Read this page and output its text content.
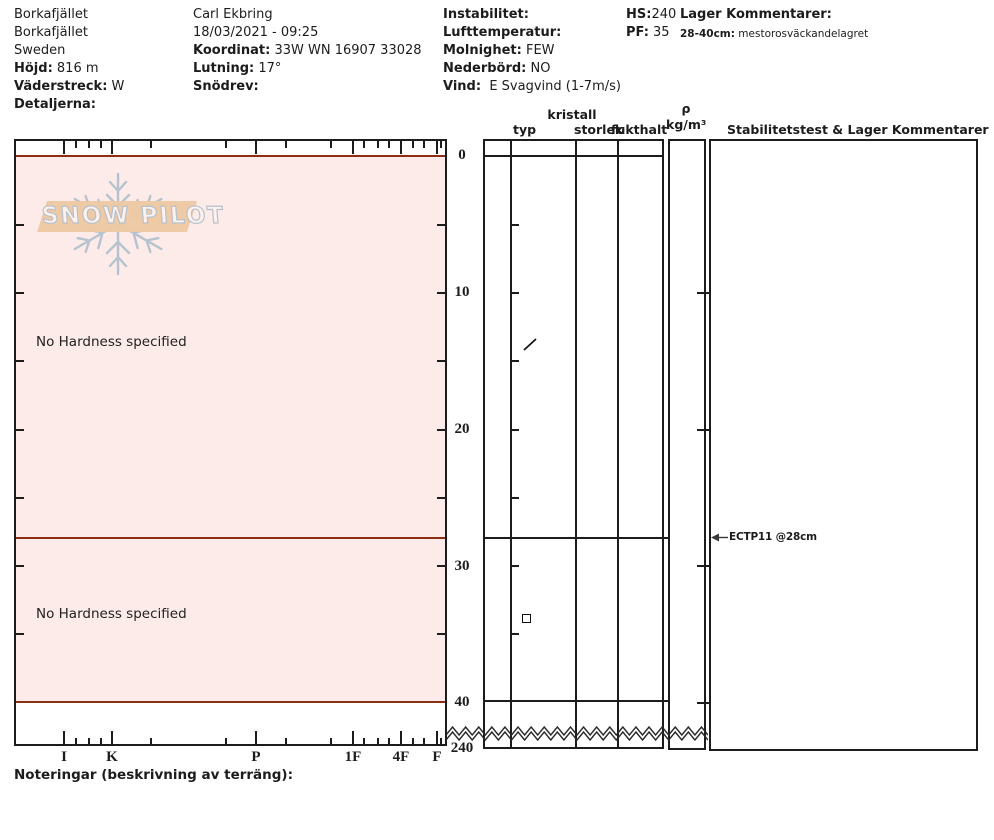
Borkafjället
Borkafjället
Sweden
Höjd: 816 m
Väderstreck: W
Detaljerna:
Carl Ekbring
18/03/2021 - 09:25
Koordinat: 33W WN 16907 33028
Lutning: 17°
Snödrev:
Instabilitet:
Lufttemperatur:
Molnighet: FEW
Nederbörd: NO
Vind:  E Svagvind (1-7m/s)
HS:240
PF: 35
Lager Kommentarer:
28-40cm: mestorosväckandelagret
SNOW PILOT
No Hardness specified
No Hardness specified
kristall
typ	storlek
fukthalt
ρ
kg/m³ Stabilitetstest & Lager Kommentarer
ECTP11 @28cm
Noteringar (beskrivning av terräng):
I	K	P	1F	4F	F
0
10
20
30
40
240
